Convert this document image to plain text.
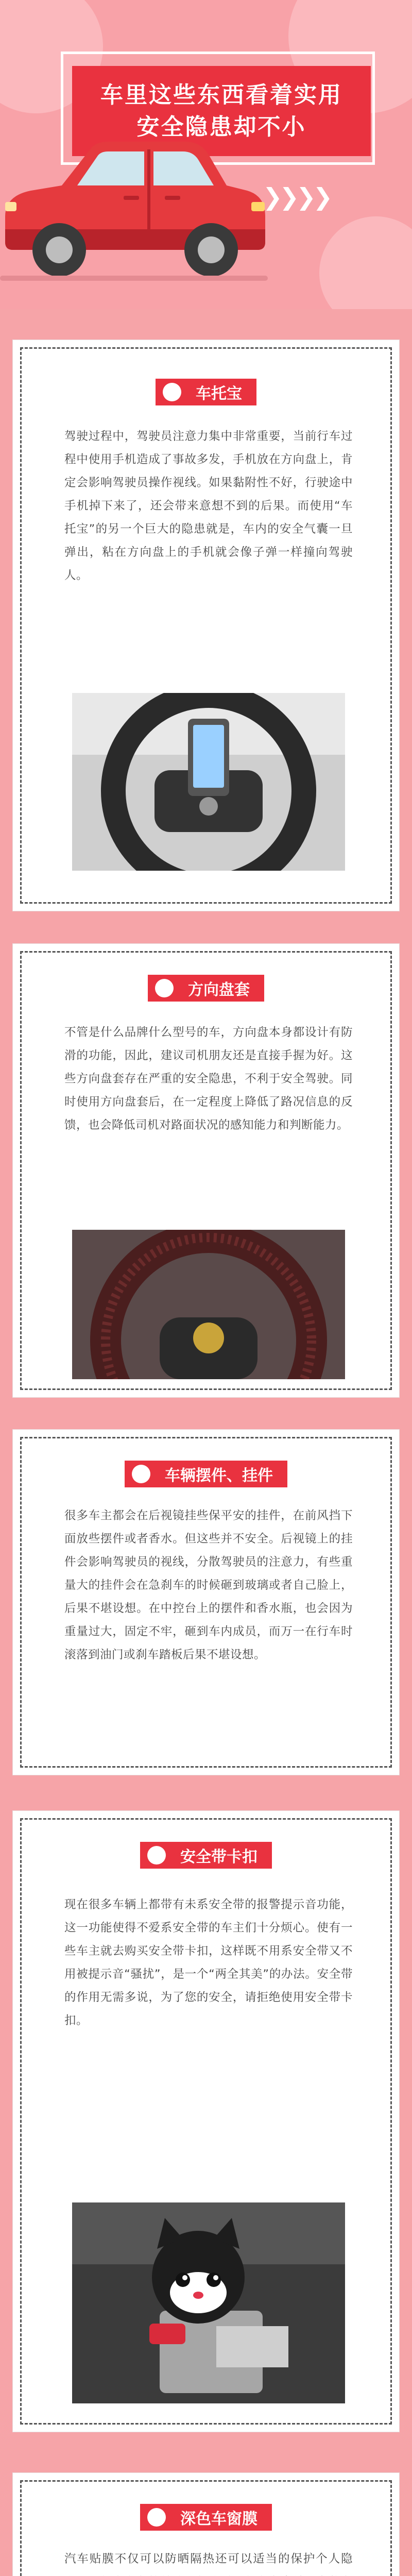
车里这些东西看着实用
安全隐患却不小
❯❯❯❯
车托宝
驾驶过程中，驾驶员注意力集中非常重要，当前行车过程中使用手机造成了事故多发，手机放在方向盘上，肯定会影响驾驶员操作视线。如果黏附性不好，行驶途中手机掉下来了，还会带来意想不到的后果。而使用“车托宝”的另一个巨大的隐患就是，车内的安全气囊一旦弹出，粘在方向盘上的手机就会像子弹一样撞向驾驶人。
方向盘套
不管是什么品牌什么型号的车，方向盘本身都设计有防滑的功能，因此，建议司机朋友还是直接手握为好。这些方向盘套存在严重的安全隐患，不利于安全驾驶。同时使用方向盘套后，在一定程度上降低了路况信息的反馈，也会降低司机对路面状况的感知能力和判断能力。
车辆摆件、挂件
很多车主都会在后视镜挂些保平安的挂件，在前风挡下面放些摆件或者香水。但这些并不安全。后视镜上的挂件会影响驾驶员的视线，分散驾驶员的注意力，有些重量大的挂件会在急刹车的时候砸到玻璃或者自己脸上，后果不堪设想。在中控台上的摆件和香水瓶，也会因为重量过大，固定不牢，砸到车内成员，而万一在行车时滚落到油门或刹车踏板后果不堪设想。
安全带卡扣
现在很多车辆上都带有未系安全带的报警提示音功能，这一功能使得不爱系安全带的车主们十分烦心。使有一些车主就去购买安全带卡扣，这样既不用系安全带又不用被提示音“骚扰”，是一个“两全其美”的办法。安全带的作用无需多说，为了您的安全，请拒绝使用安全带卡扣。
深色车窗膜
汽车贴膜不仅可以防晒隔热还可以适当的保护个人隐
